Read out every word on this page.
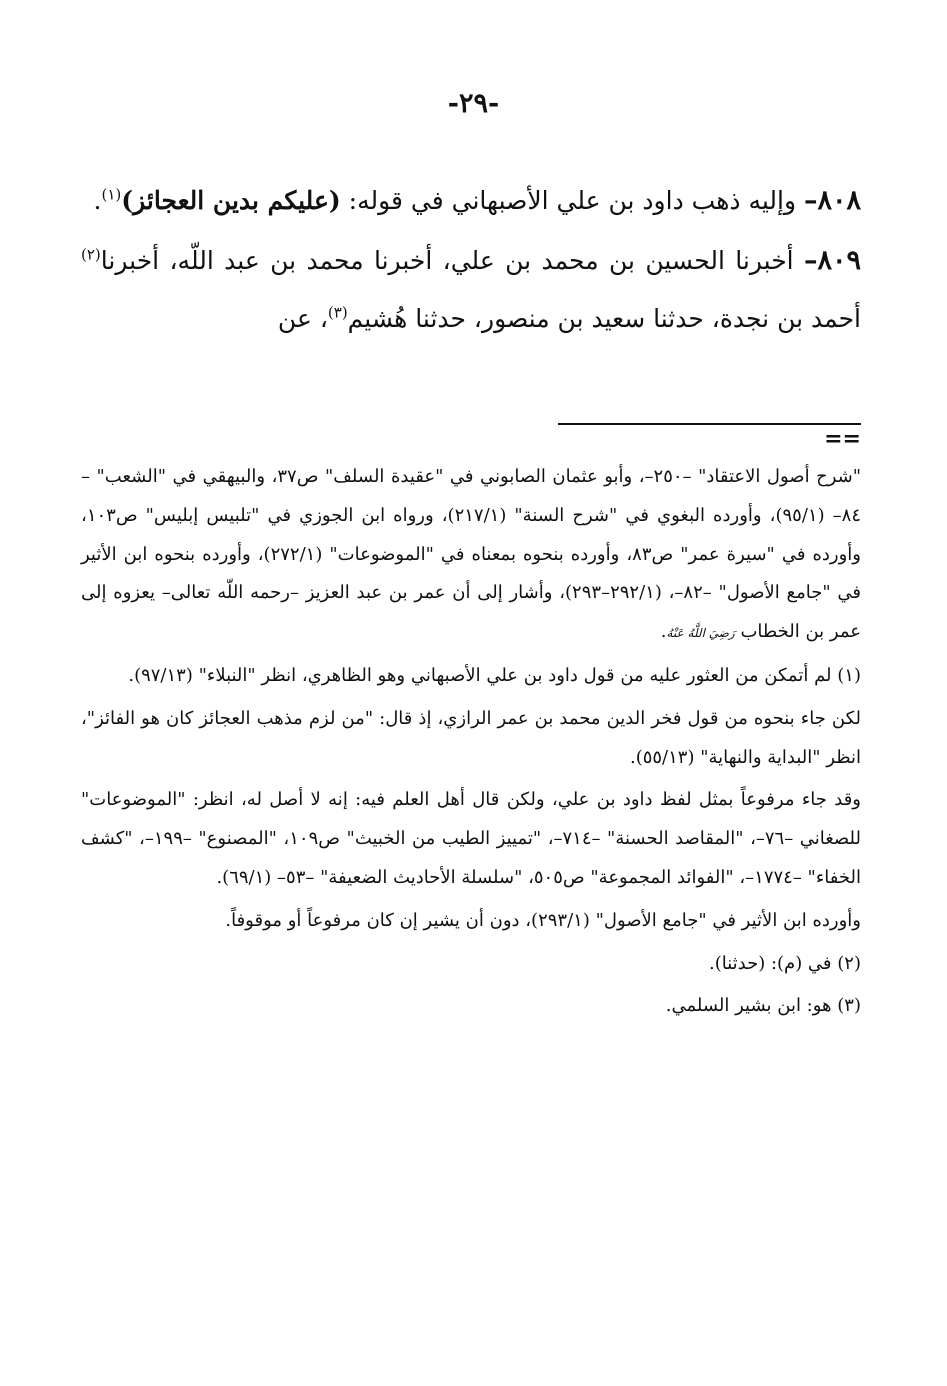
-٢٩-

٨٠٨– وإليه ذهب داود بن علي الأصبهاني في قوله: (عليكم بدين العجائز)$^{(١)}$.

٨٠٩– أخبرنا الحسين بن محمد بن علي، أخبرنا محمد بن عبد اللّه، أخبرنا$^{(٢)}$ أحمد بن نجدة، حدثنا سعيد بن منصور، حدثنا هُشيم$^{(٣)}$، عن

==

"شرح أصول الاعتقاد" –٢٥٠–، وأبو عثمان الصابوني في "عقيدة السلف" ص٣٧، والبيهقي في "الشعب" –٨٤– (٩٥/١)، وأورده البغوي في "شرح السنة" (٢١٧/١)، ورواه ابن الجوزي في "تلبيس إبليس" ص١٠٣، وأورده في "سيرة عمر" ص٨٣، وأورده بنحوه بمعناه في "الموضوعات" (٢٧٢/١)، وأورده بنحوه ابن الأثير في "جامع الأصول" –٨٢–، (٢٩٢/١–٢٩٣)، وأشار إلى أن عمر بن عبد العزيز –رحمه اللّه تعالى– يعزوه إلى عمر بن الخطاب رَضِيَ اللَّهُ عَنْهُ.

(١) لم أتمكن من العثور عليه من قول داود بن علي الأصبهاني وهو الظاهري، انظر "النبلاء" (٩٧/١٣).

لكن جاء بنحوه من قول فخر الدين محمد بن عمر الرازي، إذ قال: "من لزم مذهب العجائز كان هو الفائز"، انظر "البداية والنهاية" (٥٥/١٣).

وقد جاء مرفوعاً بمثل لفظ داود بن علي، ولكن قال أهل العلم فيه: إنه لا أصل له، انظر: "الموضوعات" للصغاني –٧٦–، "المقاصد الحسنة" –٧١٤–، "تمييز الطيب من الخبيث" ص١٠٩، "المصنوع" –١٩٩–، "كشف الخفاء" –١٧٧٤–، "الفوائد المجموعة" ص٥٠٥، "سلسلة الأحاديث الضعيفة" –٥٣– (٦٩/١).

وأورده ابن الأثير في "جامع الأصول" (٢٩٣/١)، دون أن يشير إن كان مرفوعاً أو موقوفاً.

(٢) في (م): (حدثنا).

(٣) هو: ابن بشير السلمي.
